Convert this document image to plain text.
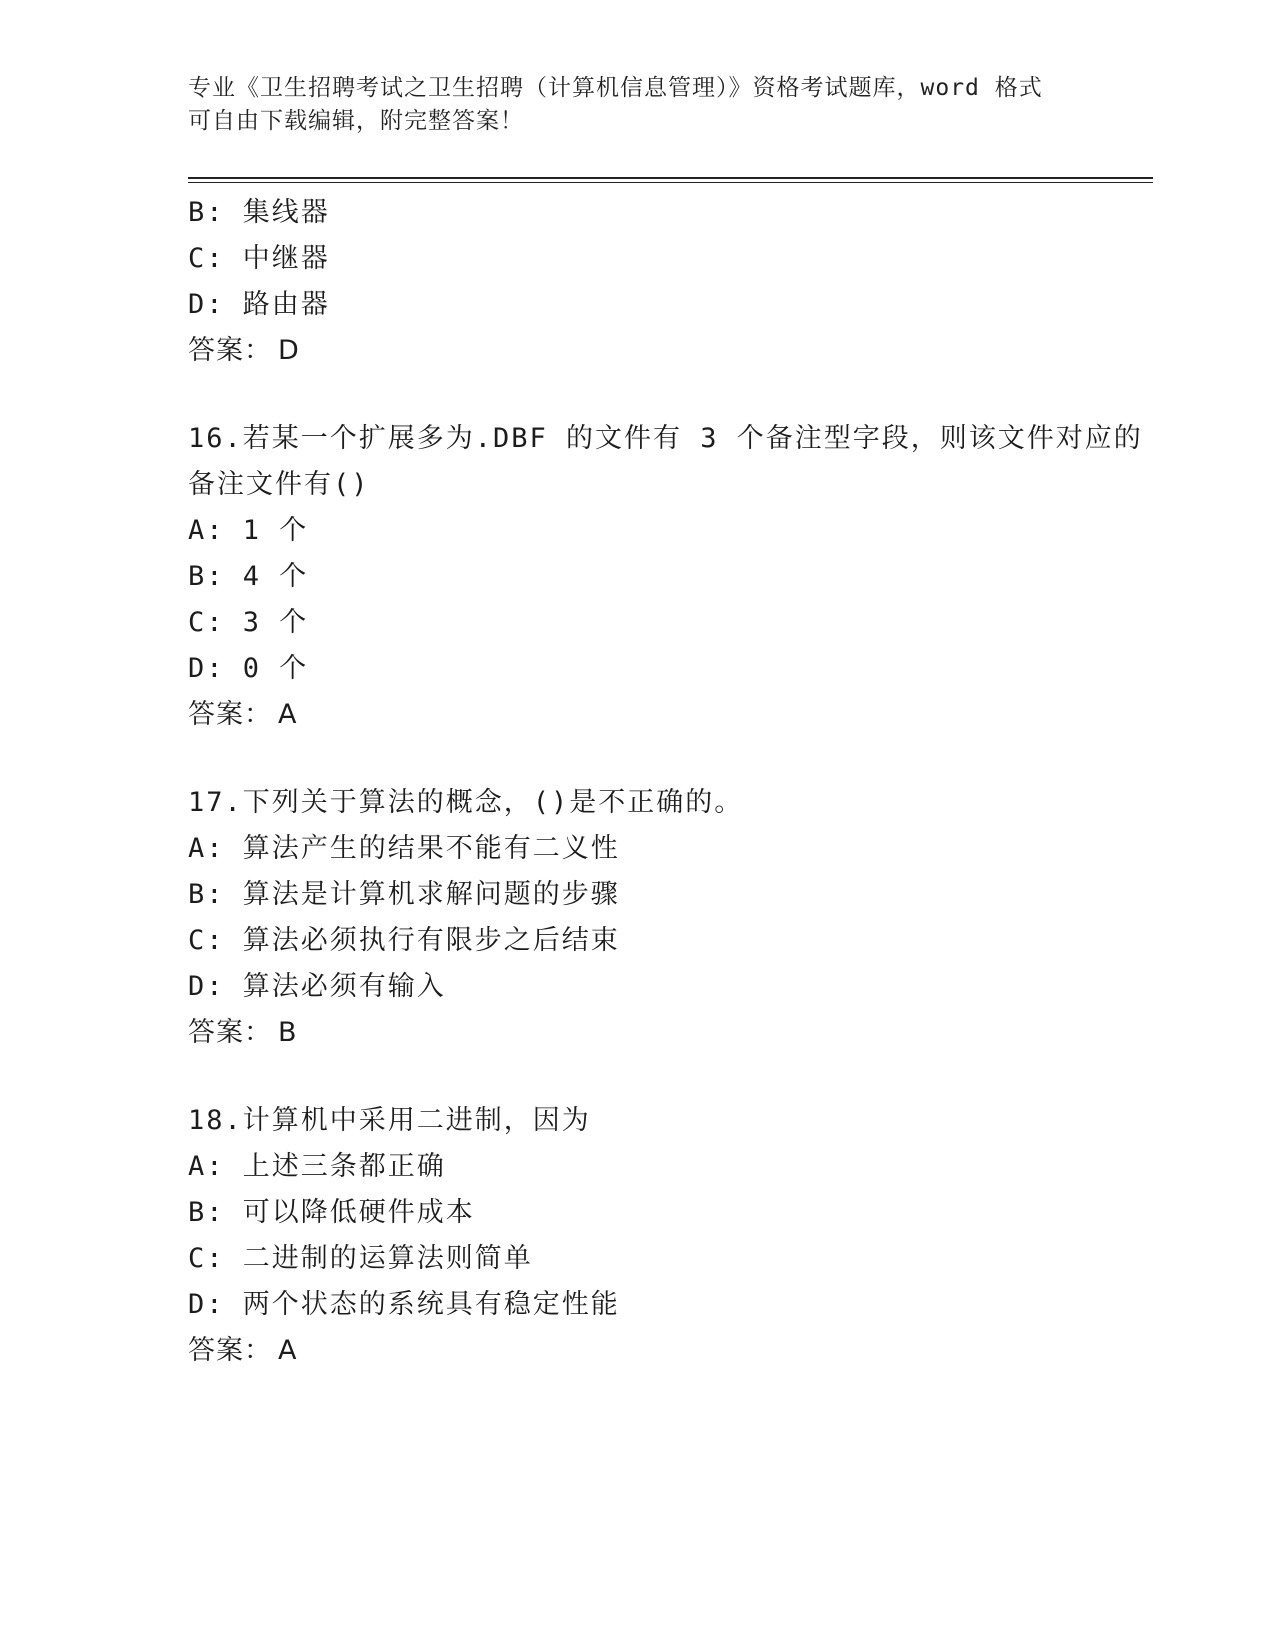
专业《卫生招聘考试之卫生招聘（计算机信息管理）》资格考试题库，word 格式
可自由下载编辑，附完整答案！
B: 集线器
C: 中继器
D: 路由器
答案： D
16.若某一个扩展多为.DBF 的文件有 3 个备注型字段，则该文件对应的
备注文件有()
A: 1 个
B: 4 个
C: 3 个
D: 0 个
答案： A
17.下列关于算法的概念，()是不正确的。
A: 算法产生的结果不能有二义性
B: 算法是计算机求解问题的步骤
C: 算法必须执行有限步之后结束
D: 算法必须有输入
答案： B
18.计算机中采用二进制，因为
A: 上述三条都正确
B: 可以降低硬件成本
C: 二进制的运算法则简单
D: 两个状态的系统具有稳定性能
答案： A
